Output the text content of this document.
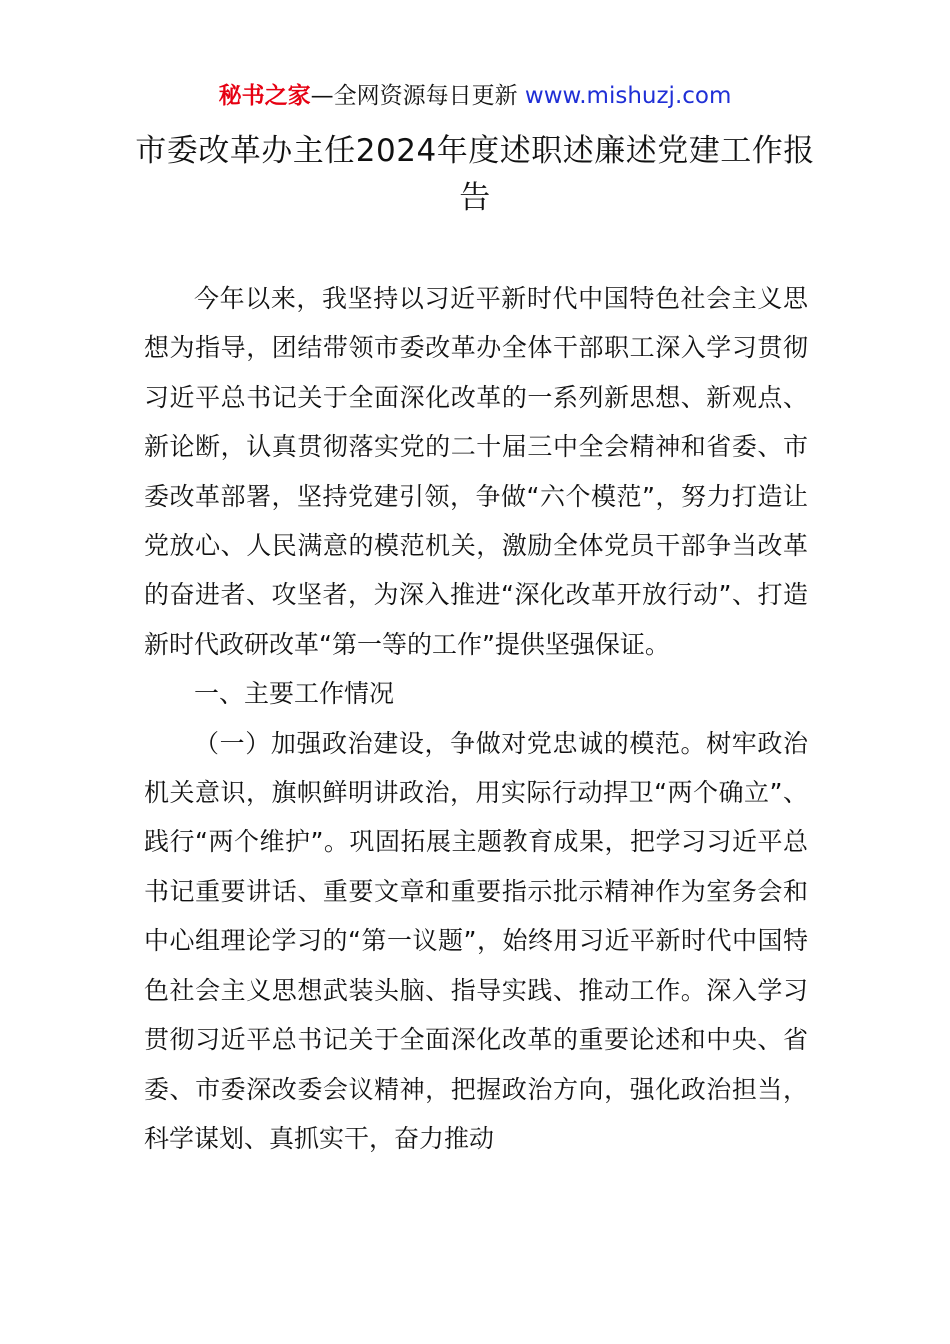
秘书之家—全网资源每日更新 www.mishuzj.com
市委改革办主任2024年度述职述廉述党建工作报告

今年以来，我坚持以习近平新时代中国特色社会主义思想为指导，团结带领市委改革办全体干部职工深入学习贯彻习近平总书记关于全面深化改革的一系列新思想、新观点、新论断，认真贯彻落实党的二十届三中全会精神和省委、市委改革部署，坚持党建引领，争做“六个模范”，努力打造让党放心、人民满意的模范机关，激励全体党员干部争当改革的奋进者、攻坚者，为深入推进“深化改革开放行动”、打造新时代政研改革“第一等的工作”提供坚强保证。

一、主要工作情况

（一）加强政治建设，争做对党忠诚的模范。树牢政治机关意识，旗帜鲜明讲政治，用实际行动捍卫“两个确立”、践行“两个维护”。巩固拓展主题教育成果，把学习习近平总书记重要讲话、重要文章和重要指示批示精神作为室务会和中心组理论学习的“第一议题”，始终用习近平新时代中国特色社会主义思想武装头脑、指导实践、推动工作。深入学习贯彻习近平总书记关于全面深化改革的重要论述和中央、省委、市委深改委会议精神，把握政治方向，强化政治担当，科学谋划、真抓实干，奋力推动
